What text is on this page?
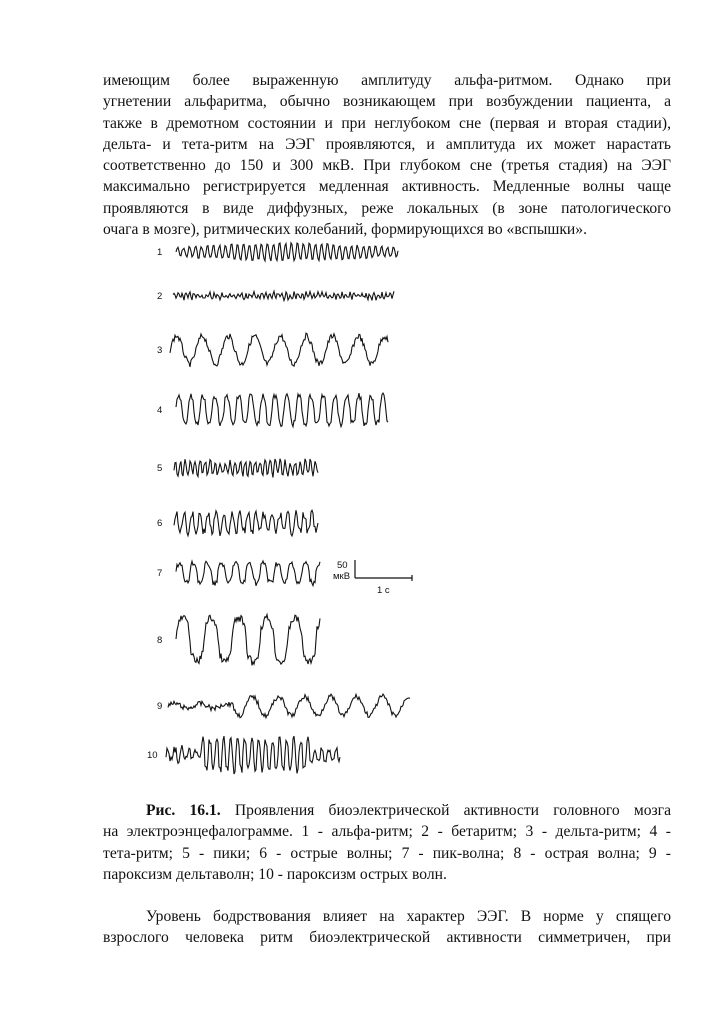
имеющим более выраженную амплитуду альфа-ритмом. Однако при
угнетении альфаритма, обычно возникающем при возбуждении пациента, а
также в дремотном состоянии и при неглубоком сне (первая и вторая стадии),
дельта- и тета-ритм на ЭЭГ проявляются, и амплитуда их может нарастать
соответственно до 150 и 300 мкВ. При глубоком сне (третья стадия) на ЭЭГ
максимально регистрируется медленная активность. Медленные волны чаще
проявляются в виде диффузных, реже локальных (в зоне патологического
очага в мозге), ритмических колебаний, формирующихся во «вспышки».

1
2
3
4
5
6
7
8
9
10
50
мкВ
1 с

Рис. 16.1. Проявления биоэлектрической активности головного мозга
на электроэнцефалограмме. 1 - альфа-ритм; 2 - бетаритм; 3 - дельта-ритм; 4 -
тета-ритм; 5 - пики; 6 - острые волны; 7 - пик-волна; 8 - острая волна; 9 -
пароксизм дельтаволн; 10 - пароксизм острых волн.

Уровень бодрствования влияет на характер ЭЭГ. В норме у спящего
взрослого человека ритм биоэлектрической активности симметричен, при
